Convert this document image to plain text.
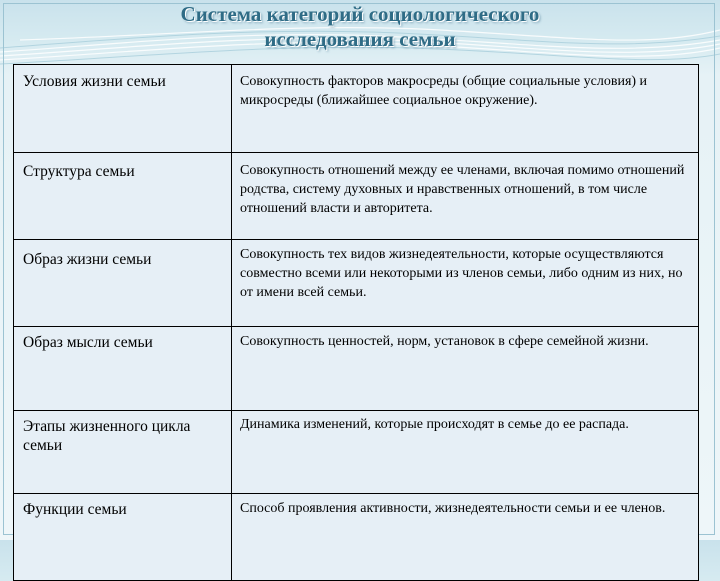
Система категорий социологического
исследования семьи
Условия жизни семьи	Совокупность факторов макросреды (общие социальные условия) и микросреды (ближайшее социальное окружение).
Структура семьи	Совокупность отношений между ее членами, включая помимо отношений родства, систему духовных и нравственных отношений, в том числе отношений власти и авторитета.
Образ жизни семьи	Совокупность тех видов жизнедеятельности, которые осуществляются совместно всеми или некоторыми из членов семьи, либо одним из них, но от имени всей семьи.
Образ мысли семьи	Совокупность ценностей, норм, установок в сфере семейной жизни.
Этапы жизненного цикла семьи	Динамика изменений, которые происходят в семье до ее распада.
Функции семьи	Способ проявления активности, жизнедеятельности семьи и ее членов.
